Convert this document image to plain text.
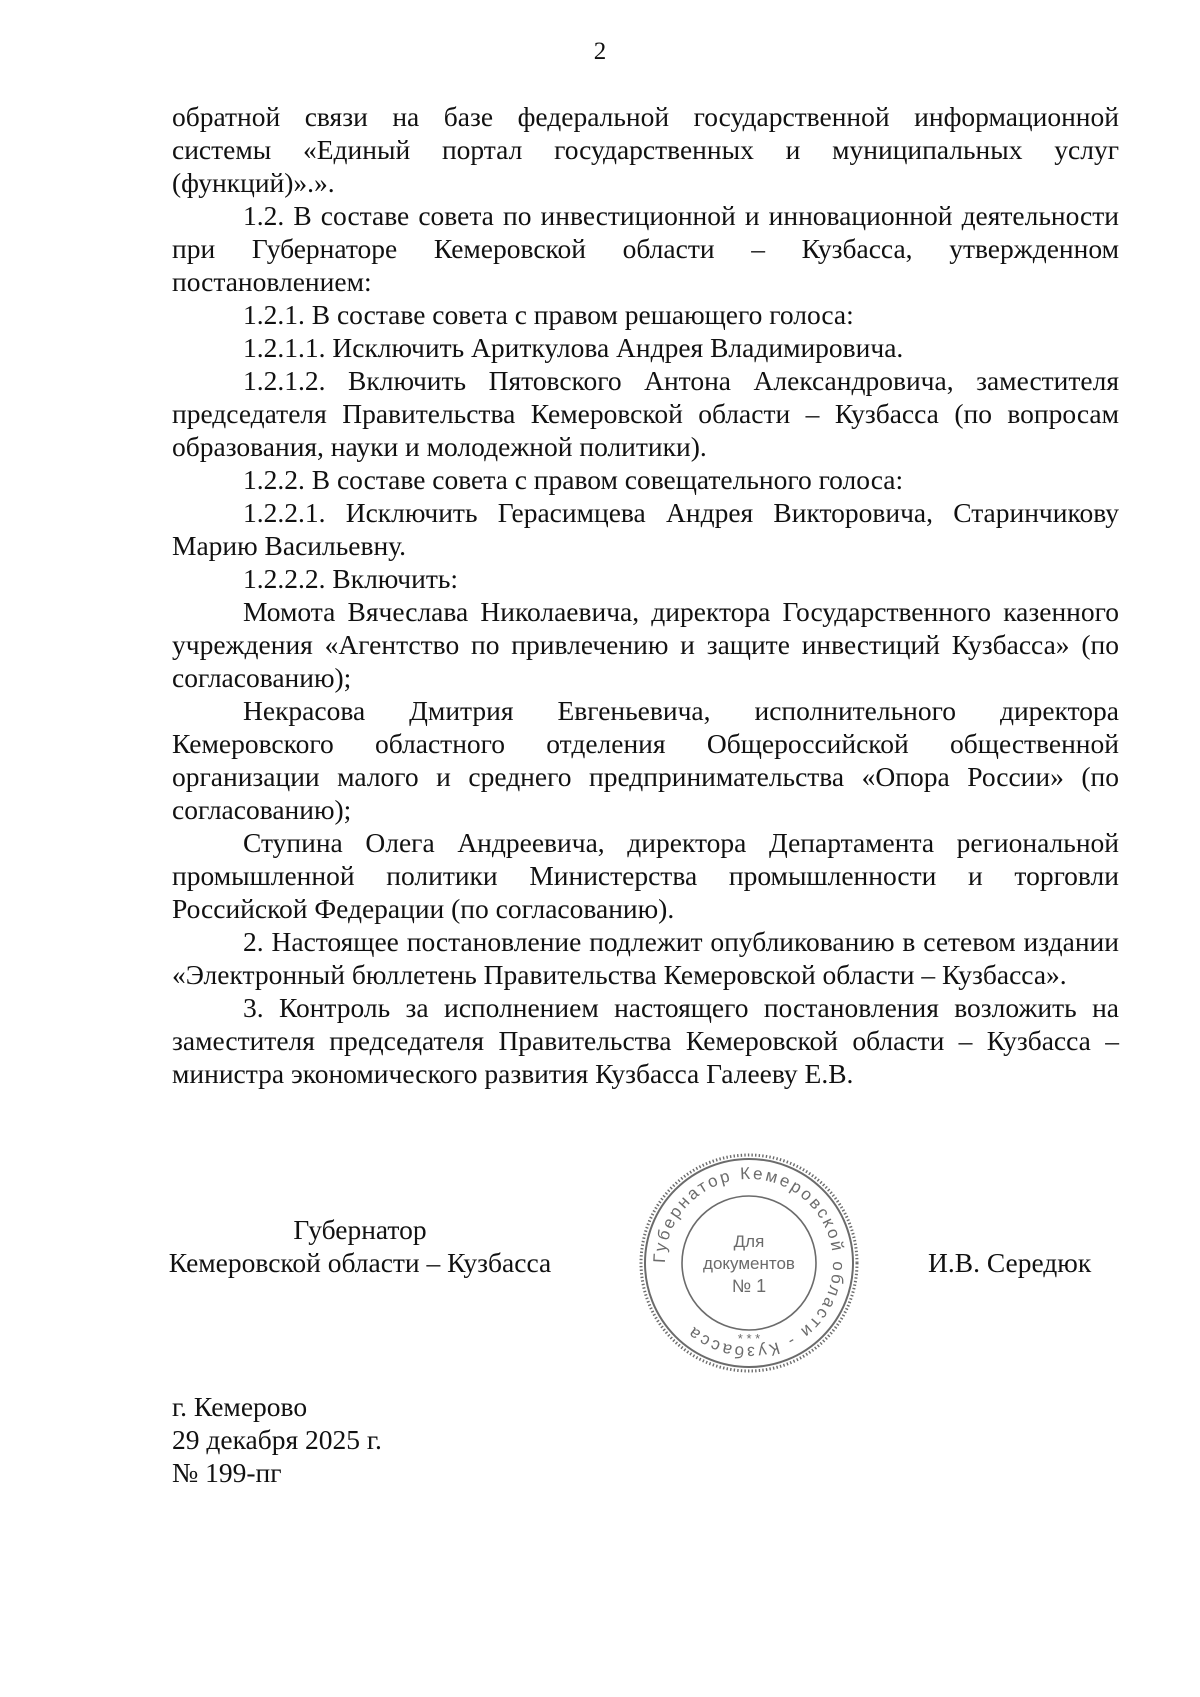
2

обратной связи на базе федеральной государственной информационной системы «Единый портал государственных и муниципальных услуг (функций)».».

1.2. В составе совета по инвестиционной и инновационной деятельности при Губернаторе Кемеровской области – Кузбасса, утвержденном постановлением:

1.2.1. В составе совета с правом решающего голоса:

1.2.1.1. Исключить Ариткулова Андрея Владимировича.

1.2.1.2. Включить Пятовского Антона Александровича, заместителя председателя Правительства Кемеровской области – Кузбасса (по вопросам образования, науки и молодежной политики).

1.2.2. В составе совета с правом совещательного голоса:

1.2.2.1. Исключить Герасимцева Андрея Викторовича, Старинчикову Марию Васильевну.

1.2.2.2. Включить:

Момота Вячеслава Николаевича, директора Государственного казенного учреждения «Агентство по привлечению и защите инвестиций Кузбасса» (по согласованию);

Некрасова Дмитрия Евгеньевича, исполнительного директора Кемеровского областного отделения Общероссийской общественной организации малого и среднего предпринимательства «Опора России» (по согласованию);

Ступина Олега Андреевича, директора Департамента региональной промышленной политики Министерства промышленности и торговли Российской Федерации (по согласованию).

2. Настоящее постановление подлежит опубликованию в сетевом издании «Электронный бюллетень Правительства Кемеровской области – Кузбасса».

3. Контроль за исполнением настоящего постановления возложить на заместителя председателя Правительства Кемеровской области – Кузбасса – министра экономического развития Кузбасса Галееву Е.В.

Губернатор
Кемеровской области – Кузбасса	Губернатор Кемеровской области - Кузбасса
Для
документов
№ 1
* * *
И.В. Середюк
г. Кемерово
29 декабря 2025 г.
№ 199-пг
